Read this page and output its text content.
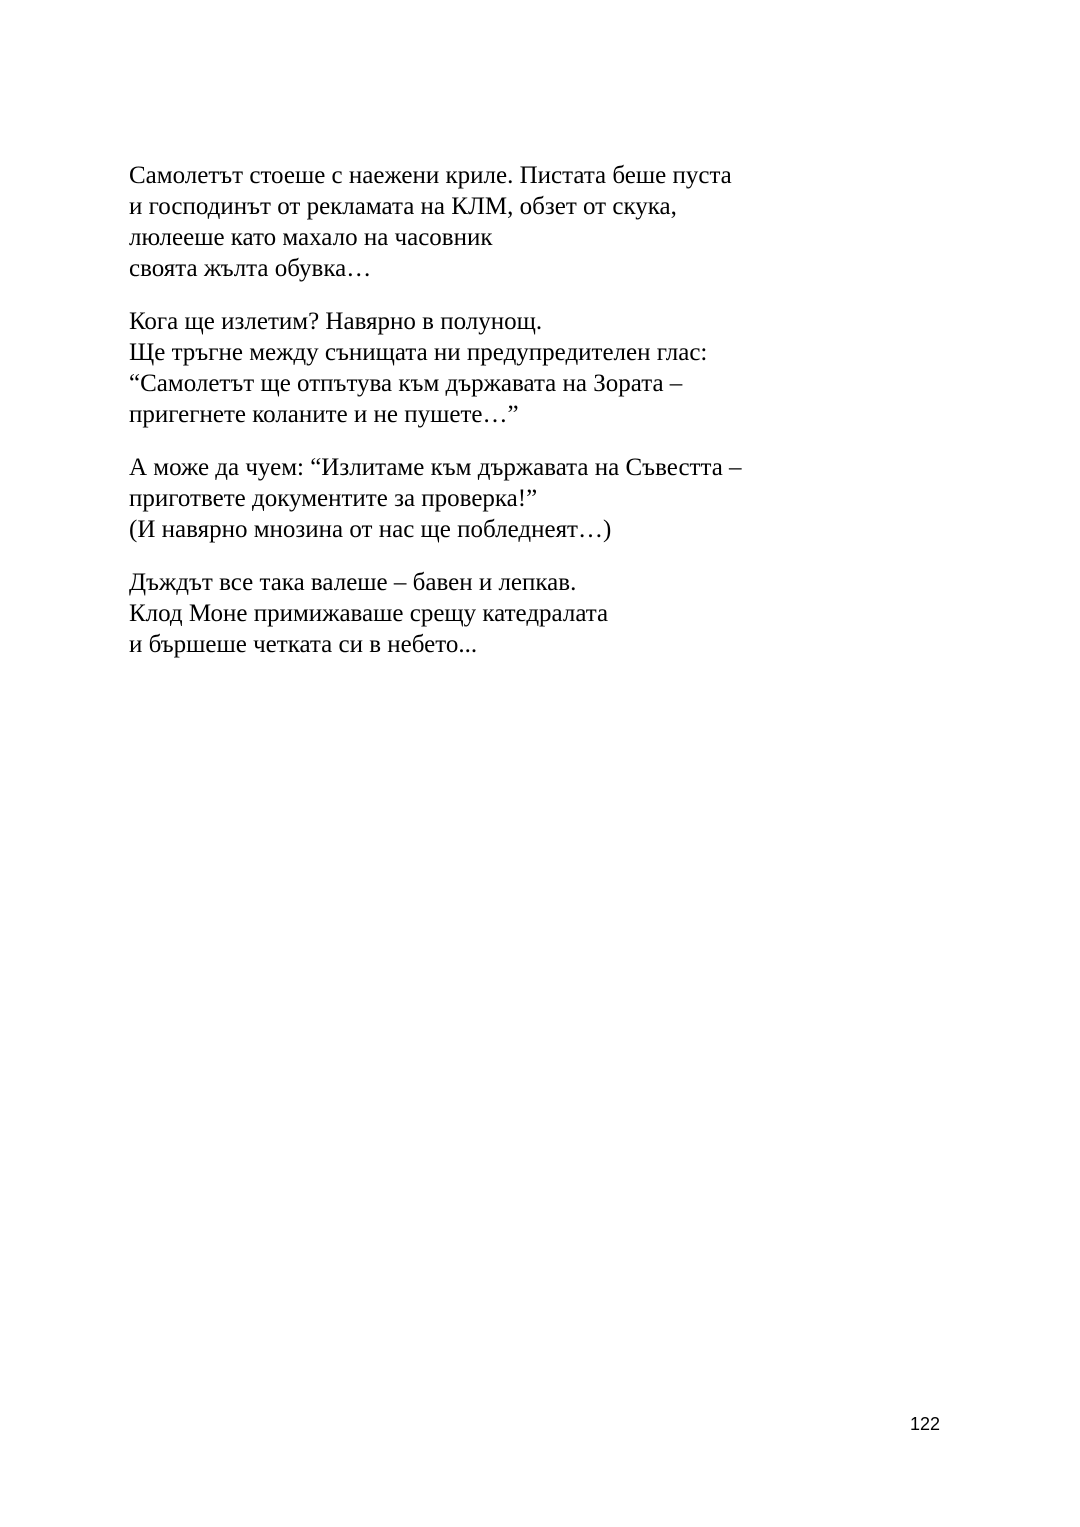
Самолетът стоеше с наежени криле. Пистата беше пуста
и господинът от рекламата на КЛМ, обзет от скука,
люлееше като махало на часовник
своята жълта обувка…
Кога ще излетим? Навярно в полунощ.
Ще тръгне между сънищата ни предупредителен глас:
“Самолетът ще отпътува към държавата на Зората –
пригегнете коланите и не пушете…”
А може да чуем: “Излитаме към държавата на Съвестта –
пригответе документите за проверка!”
(И навярно мнозина от нас ще побледнеят…)
Дъждът все така валеше – бавен и лепкав.
Клод Моне примижаваше срещу катедралата
и бършеше четката си в небето...
122
